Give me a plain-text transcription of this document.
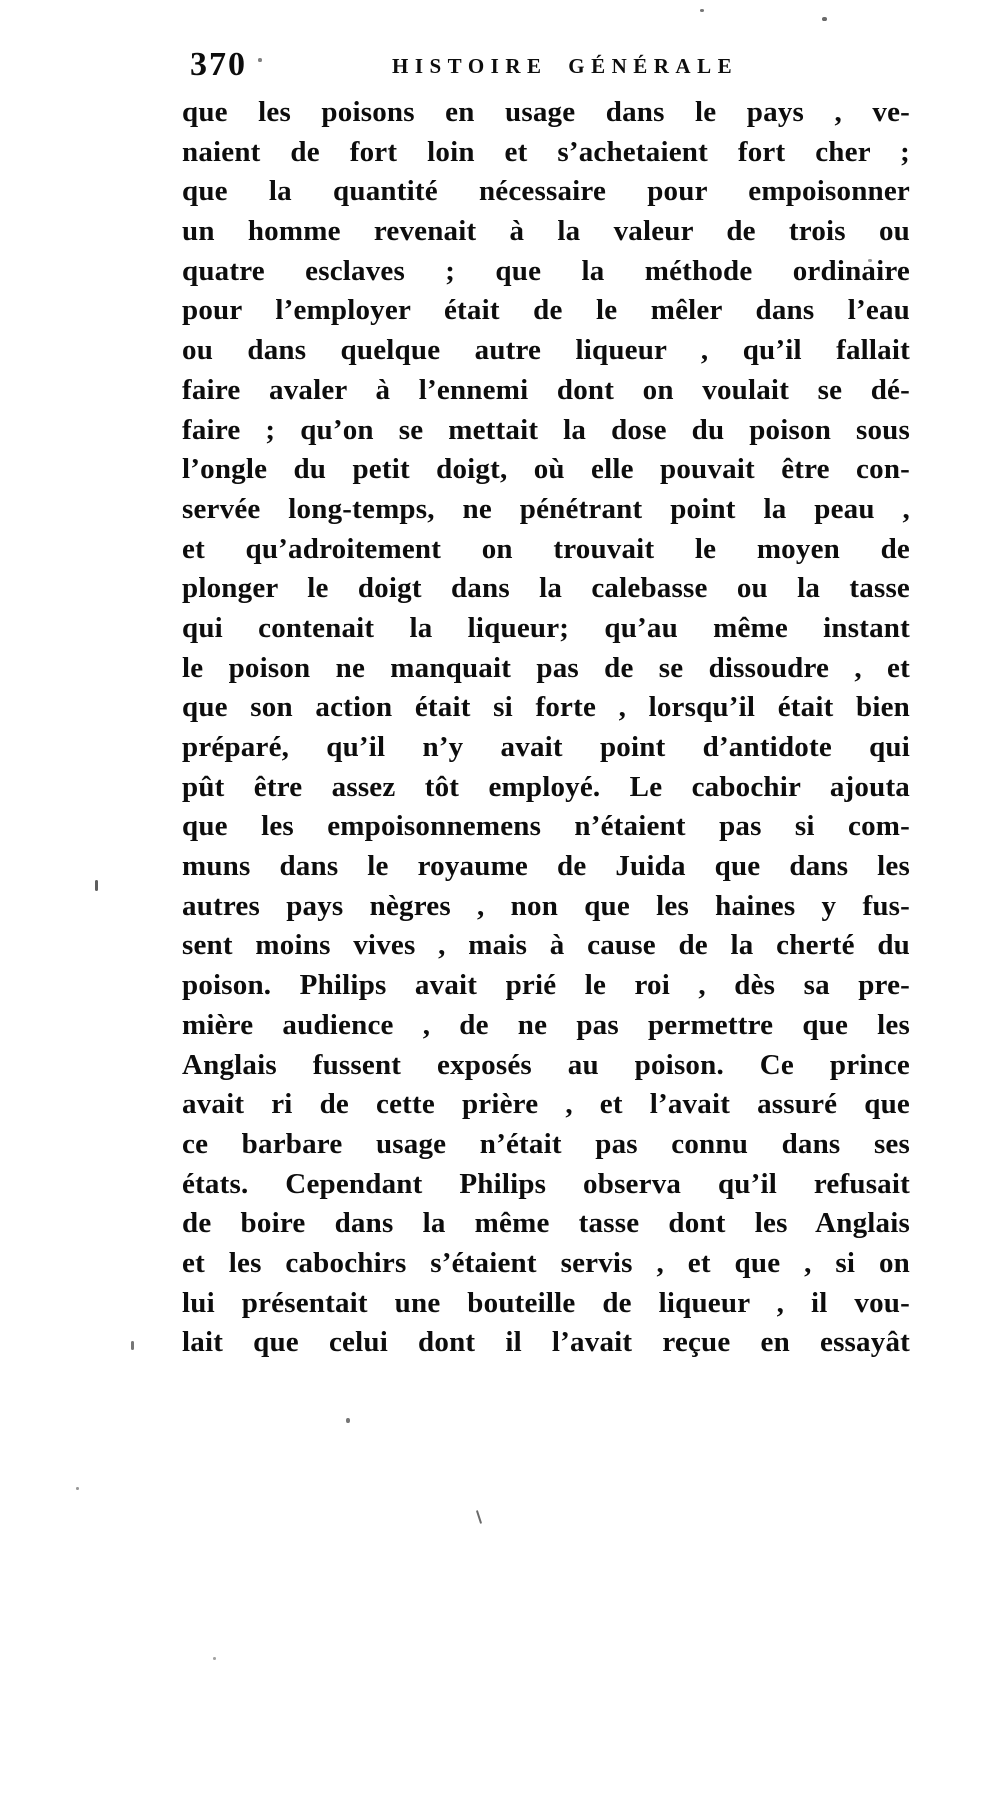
370	HISTOIRE GÉNÉRALE
que les poisons en usage dans le pays , ve-
naient de fort loin et s’achetaient fort cher ;
que la quantité nécessaire pour empoisonner
un homme revenait à la valeur de trois ou
quatre esclaves ; que la méthode ordinaire
pour l’employer était de le mêler dans l’eau
ou dans quelque autre liqueur , qu’il fallait
faire avaler à l’ennemi dont on voulait se dé-
faire ; qu’on se mettait la dose du poison sous
l’ongle du petit doigt, où elle pouvait être con-
servée long-temps, ne pénétrant point la peau ,
et qu’adroitement on trouvait le moyen de
plonger le doigt dans la calebasse ou la tasse
qui contenait la liqueur; qu’au même instant
le poison ne manquait pas de se dissoudre , et
que son action était si forte , lorsqu’il était bien
préparé, qu’il n’y avait point d’antidote qui
pût être assez tôt employé. Le cabochir ajouta
que les empoisonnemens n’étaient pas si com-
muns dans le royaume de Juida que dans les
autres pays nègres , non que les haines y fus-
sent moins vives , mais à cause de la cherté du
poison. Philips avait prié le roi , dès sa pre-
mière audience , de ne pas permettre que les
Anglais fussent exposés au poison. Ce prince
avait ri de cette prière , et l’avait assuré que
ce barbare usage n’était pas connu dans ses
états. Cependant Philips observa qu’il refusait
de boire dans la même tasse dont les Anglais
et les cabochirs s’étaient servis , et que , si on
lui présentait une bouteille de liqueur , il vou-
lait que celui dont il l’avait reçue en essayât
